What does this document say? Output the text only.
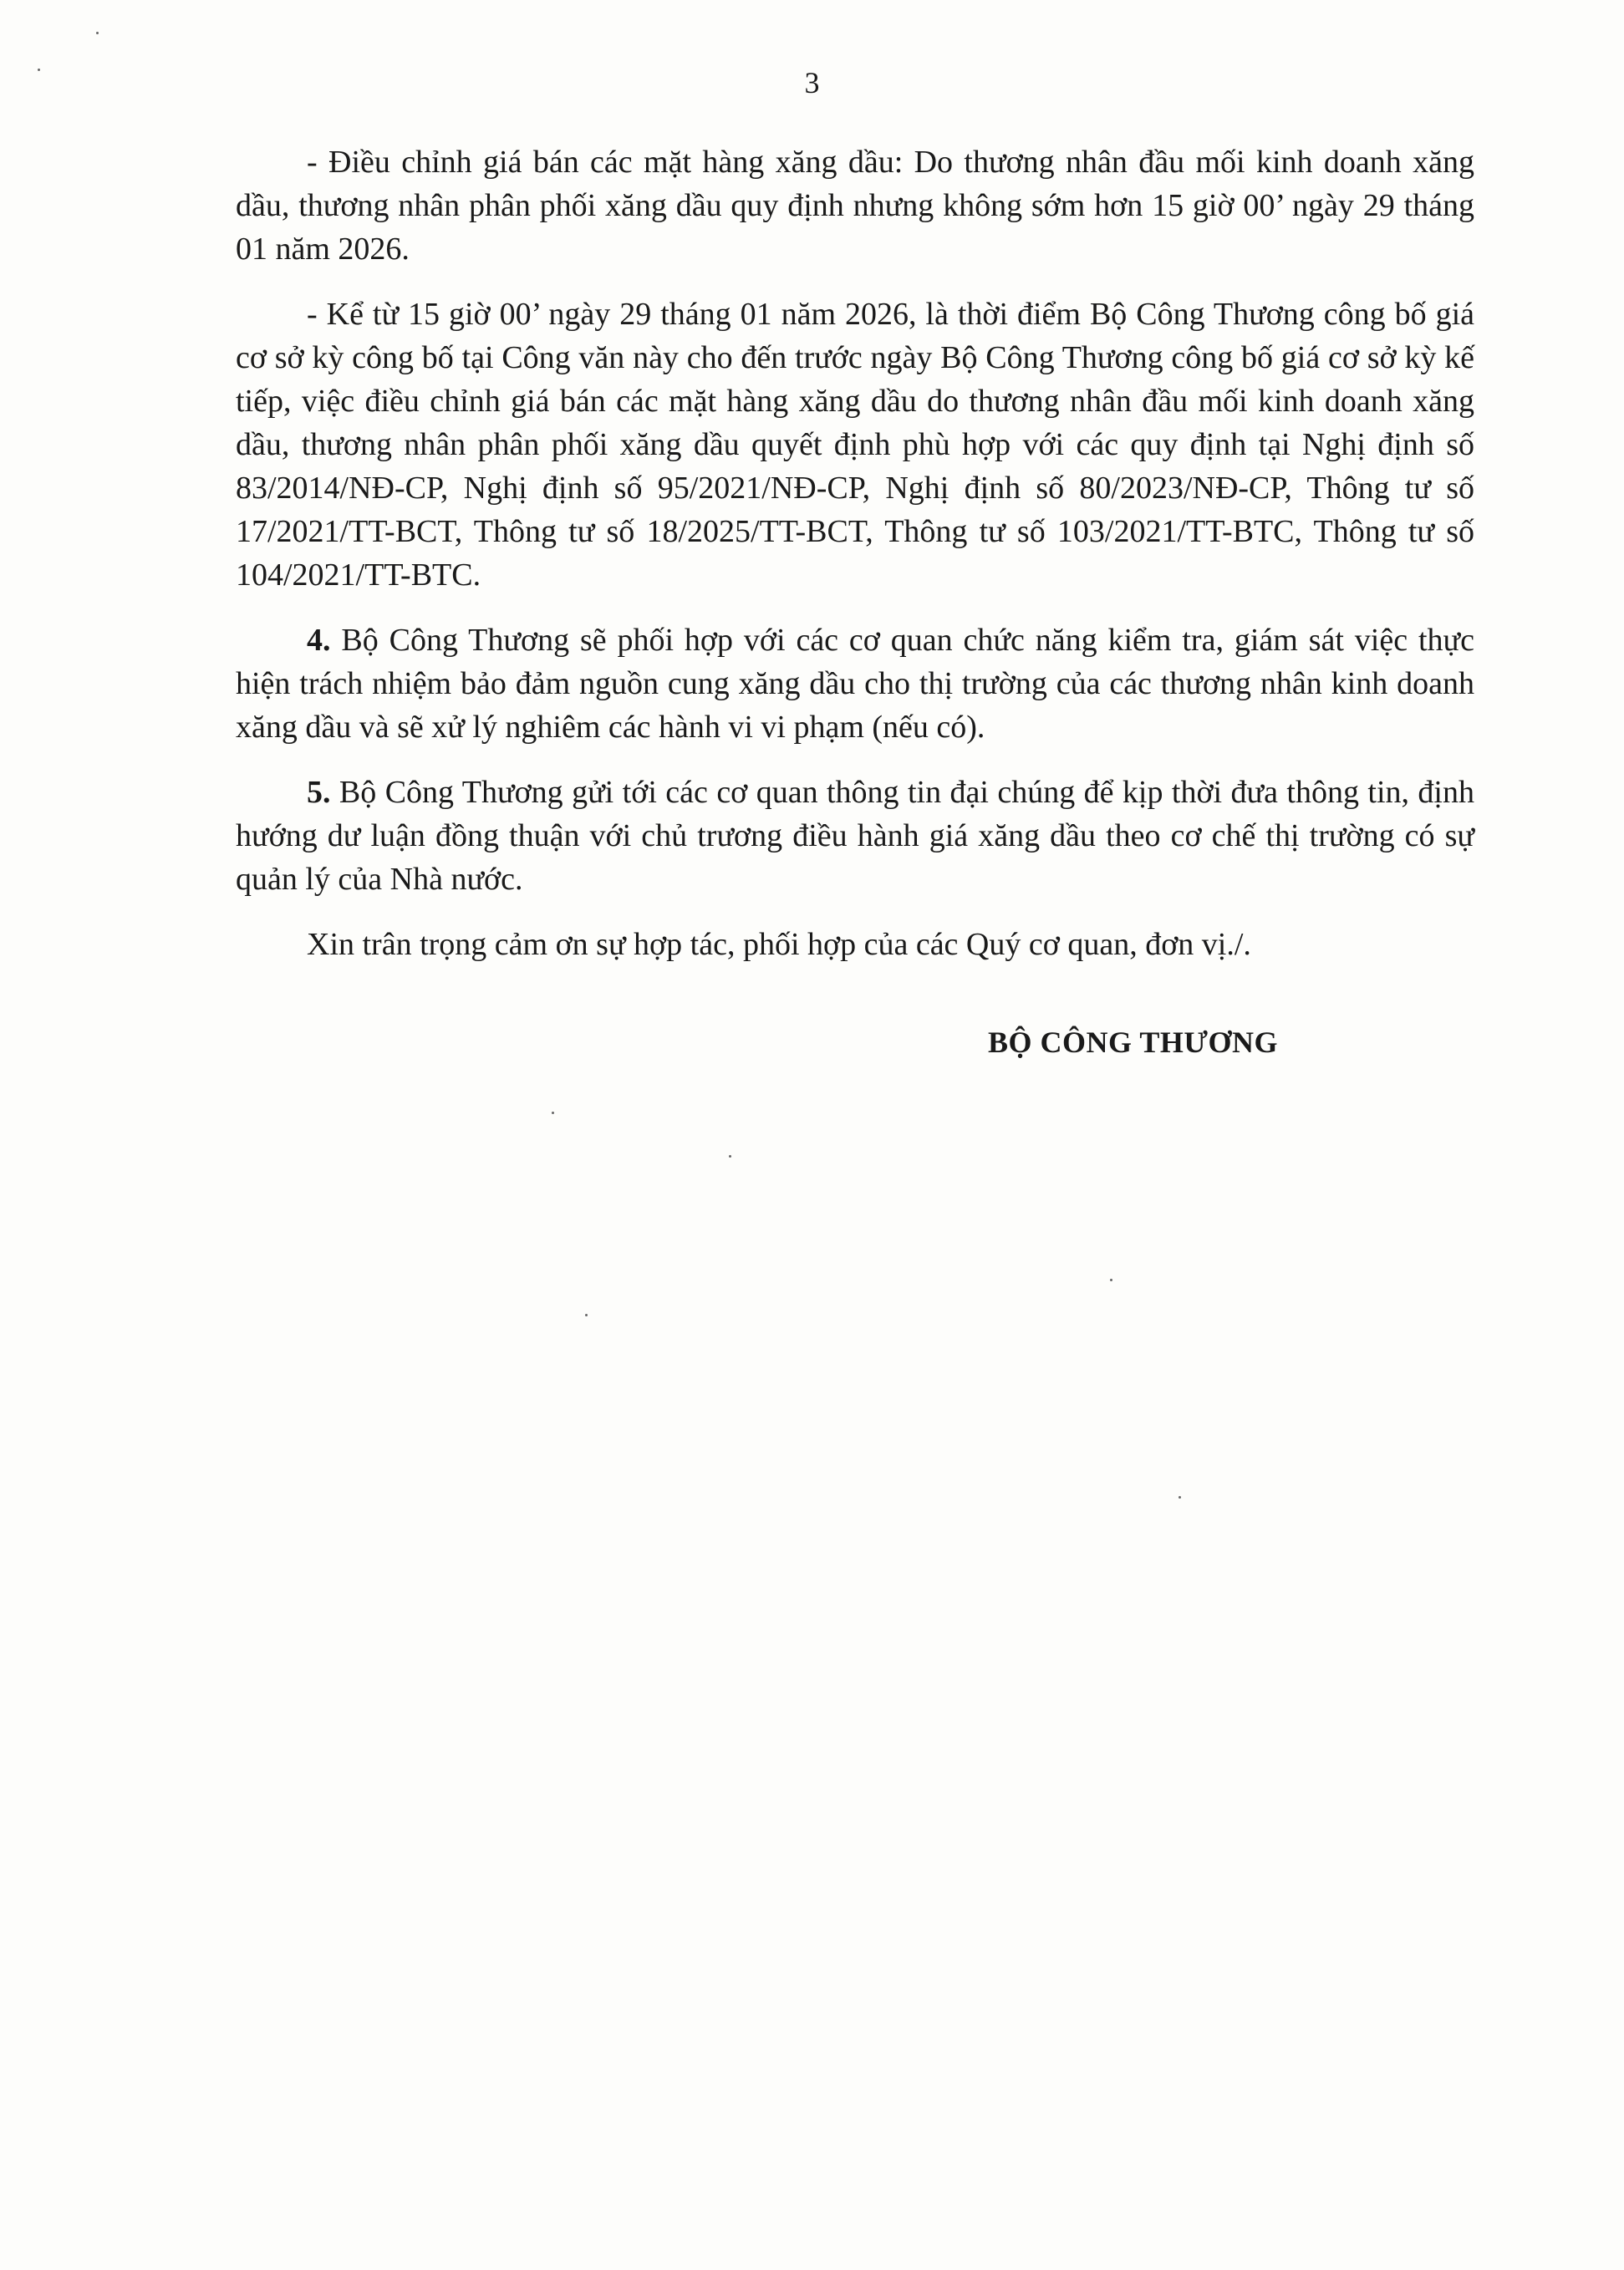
3

- Điều chỉnh giá bán các mặt hàng xăng dầu: Do thương nhân đầu mối kinh doanh xăng dầu, thương nhân phân phối xăng dầu quy định nhưng không sớm hơn 15 giờ 00’ ngày 29 tháng 01 năm 2026.

- Kể từ 15 giờ 00’ ngày 29 tháng 01 năm 2026, là thời điểm Bộ Công Thương công bố giá cơ sở kỳ công bố tại Công văn này cho đến trước ngày Bộ Công Thương công bố giá cơ sở kỳ kế tiếp, việc điều chỉnh giá bán các mặt hàng xăng dầu do thương nhân đầu mối kinh doanh xăng dầu, thương nhân phân phối xăng dầu quyết định phù hợp với các quy định tại Nghị định số 83/2014/NĐ-CP, Nghị định số 95/2021/NĐ-CP, Nghị định số 80/2023/NĐ-CP, Thông tư số 17/2021/TT-BCT, Thông tư số 18/2025/TT-BCT, Thông tư số 103/2021/TT-BTC, Thông tư số 104/2021/TT-BTC.

4. Bộ Công Thương sẽ phối hợp với các cơ quan chức năng kiểm tra, giám sát việc thực hiện trách nhiệm bảo đảm nguồn cung xăng dầu cho thị trường của các thương nhân kinh doanh xăng dầu và sẽ xử lý nghiêm các hành vi vi phạm (nếu có).

5. Bộ Công Thương gửi tới các cơ quan thông tin đại chúng để kịp thời đưa thông tin, định hướng dư luận đồng thuận với chủ trương điều hành giá xăng dầu theo cơ chế thị trường có sự quản lý của Nhà nước.

Xin trân trọng cảm ơn sự hợp tác, phối hợp của các Quý cơ quan, đơn vị./.

BỘ CÔNG THƯƠNG
